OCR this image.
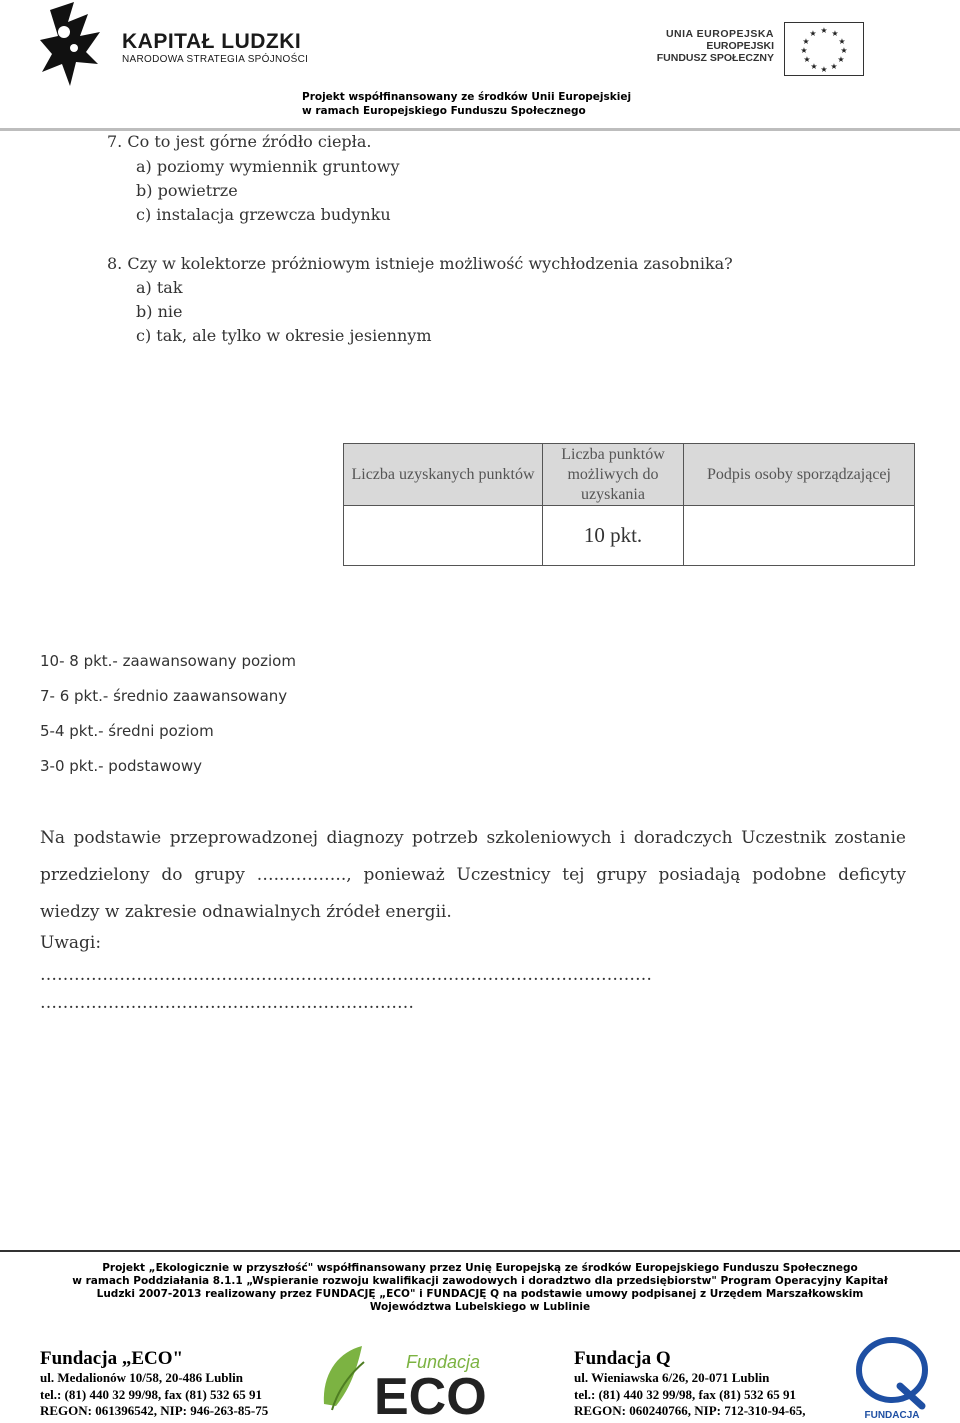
KAPITAŁ LUDZKI
NARODOWA STRATEGIA SPÓJNOŚCI
UNIA EUROPEJSKA
EUROPEJSKI
FUNDUSZ SPOŁECZNY
★ ★
★
★
★
★
★
★
★
★
★
★
Projekt współfinansowany ze środków Unii Europejskiej
w ramach Europejskiego Funduszu Społecznego
7. Co to jest górne źródło ciepła.
a) poziomy wymiennik gruntowy
b) powietrze
c) instalacja grzewcza budynku
8. Czy w kolektorze próżniowym istnieje możliwość wychłodzenia zasobnika?
a) tak
b) nie
c) tak, ale tylko w okresie jesiennym
Liczba uzyskanych punktów	Liczba punktów możliwych do uzyskania	Podpis osoby sporządzającej
	10 pkt.	
10- 8 pkt.- zaawansowany poziom
7- 6 pkt.- średnio zaawansowany
5-4 pkt.- średni poziom
3-0 pkt.- podstawowy
Na podstawie przeprowadzonej diagnozy potrzeb szkoleniowych i doradczych Uczestnik zostanie przedzielony do grupy …..……….., ponieważ Uczestnicy tej grupy posiadają podobne deficyty wiedzy w zakresie odnawialnych źródeł energii.
Uwagi:
………………………………………………………………………………………………
…………………………………………………………
Projekt „Ekologicznie w przyszłość" współfinansowany przez Unię Europejską ze środków Europejskiego Funduszu Społecznego
w ramach Poddziałania 8.1.1 „Wspieranie rozwoju kwalifikacji zawodowych i doradztwo dla przedsiębiorstw" Program Operacyjny Kapitał
Ludzki 2007-2013 realizowany przez FUNDACJĘ „ECO" i FUNDACJĘ Q na podstawie umowy podpisanej z Urzędem Marszałkowskim
Województwa Lubelskiego w Lublinie
Fundacja „ECO"
ul. Medalionów 10/58, 20-486 Lublin
tel.: (81) 440 32 99/98, fax (81) 532 65 91
REGON: 061396542, NIP: 946-263-85-75
Fundacja
ECO
Fundacja Q
ul. Wieniawska 6/26, 20-071 Lublin
tel.: (81) 440 32 99/98, fax (81) 532 65 91
REGON: 060240766, NIP: 712-310-94-65,	FUNDACJA
